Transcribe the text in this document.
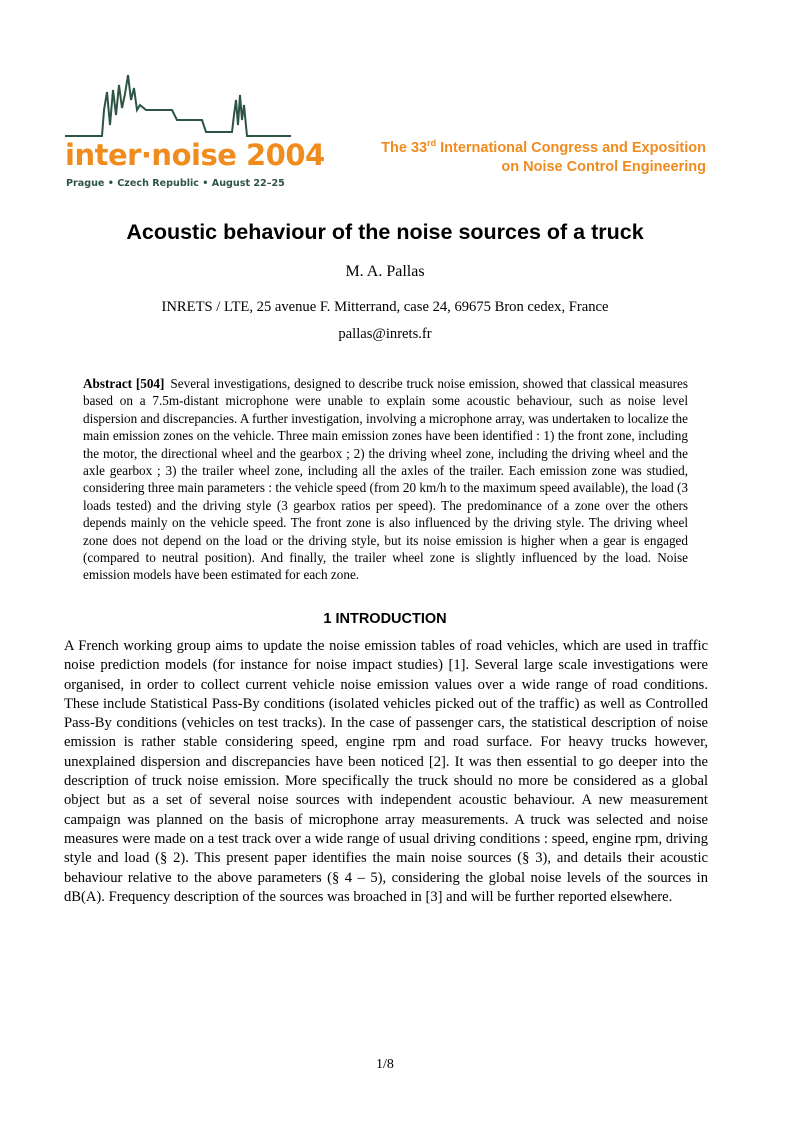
inter·noise 2004
Prague • Czech Republic • August 22–25
The 33rd International Congress and Exposition
on Noise Control Engineering
Acoustic behaviour of the noise sources of a truck
M. A. Pallas
INRETS / LTE, 25 avenue F. Mitterrand, case 24, 69675 Bron cedex, France
pallas@inrets.fr
Abstract [504] Several investigations, designed to describe truck noise emission, showed that classical measures based on a 7.5m-distant microphone were unable to explain some acoustic behaviour, such as noise level dispersion and discrepancies. A further investigation, involving a microphone array, was undertaken to localize the main emission zones on the vehicle. Three main emission zones have been identified : 1) the front zone, including the motor, the directional wheel and the gearbox ; 2) the driving wheel zone, including the driving wheel and the axle gearbox ; 3) the trailer wheel zone, including all the axles of the trailer. Each emission zone was studied, considering three main parameters : the vehicle speed (from 20 km/h to the maximum speed available), the load (3 loads tested) and the driving style (3 gearbox ratios per speed). The predominance of a zone over the others depends mainly on the vehicle speed. The front zone is also influenced by the driving style. The driving wheel zone does not depend on the load or the driving style, but its noise emission is higher when a gear is engaged (compared to neutral position). And finally, the trailer wheel zone is slightly influenced by the load. Noise emission models have been estimated for each zone.
1 INTRODUCTION
A French working group aims to update the noise emission tables of road vehicles, which are used in traffic noise prediction models (for instance for noise impact studies) [1]. Several large scale investigations were organised, in order to collect current vehicle noise emission values over a wide range of road conditions. These include Statistical Pass-By conditions (isolated vehicles picked out of the traffic) as well as Controlled Pass-By conditions (vehicles on test tracks). In the case of passenger cars, the statistical description of noise emission is rather stable considering speed, engine rpm and road surface. For heavy trucks however, unexplained dispersion and discrepancies have been noticed [2]. It was then essential to go deeper into the description of truck noise emission. More specifically the truck should no more be considered as a global object but as a set of several noise sources with independent acoustic behaviour. A new measurement campaign was planned on the basis of microphone array measurements. A truck was selected and noise measures were made on a test track over a wide range of usual driving conditions : speed, engine rpm, driving style and load (§ 2). This present paper identifies the main noise sources (§ 3), and details their acoustic behaviour relative to the above parameters (§ 4 – 5), considering the global noise levels of the sources in dB(A). Frequency description of the sources was broached in [3] and will be further reported elsewhere.
1/8
